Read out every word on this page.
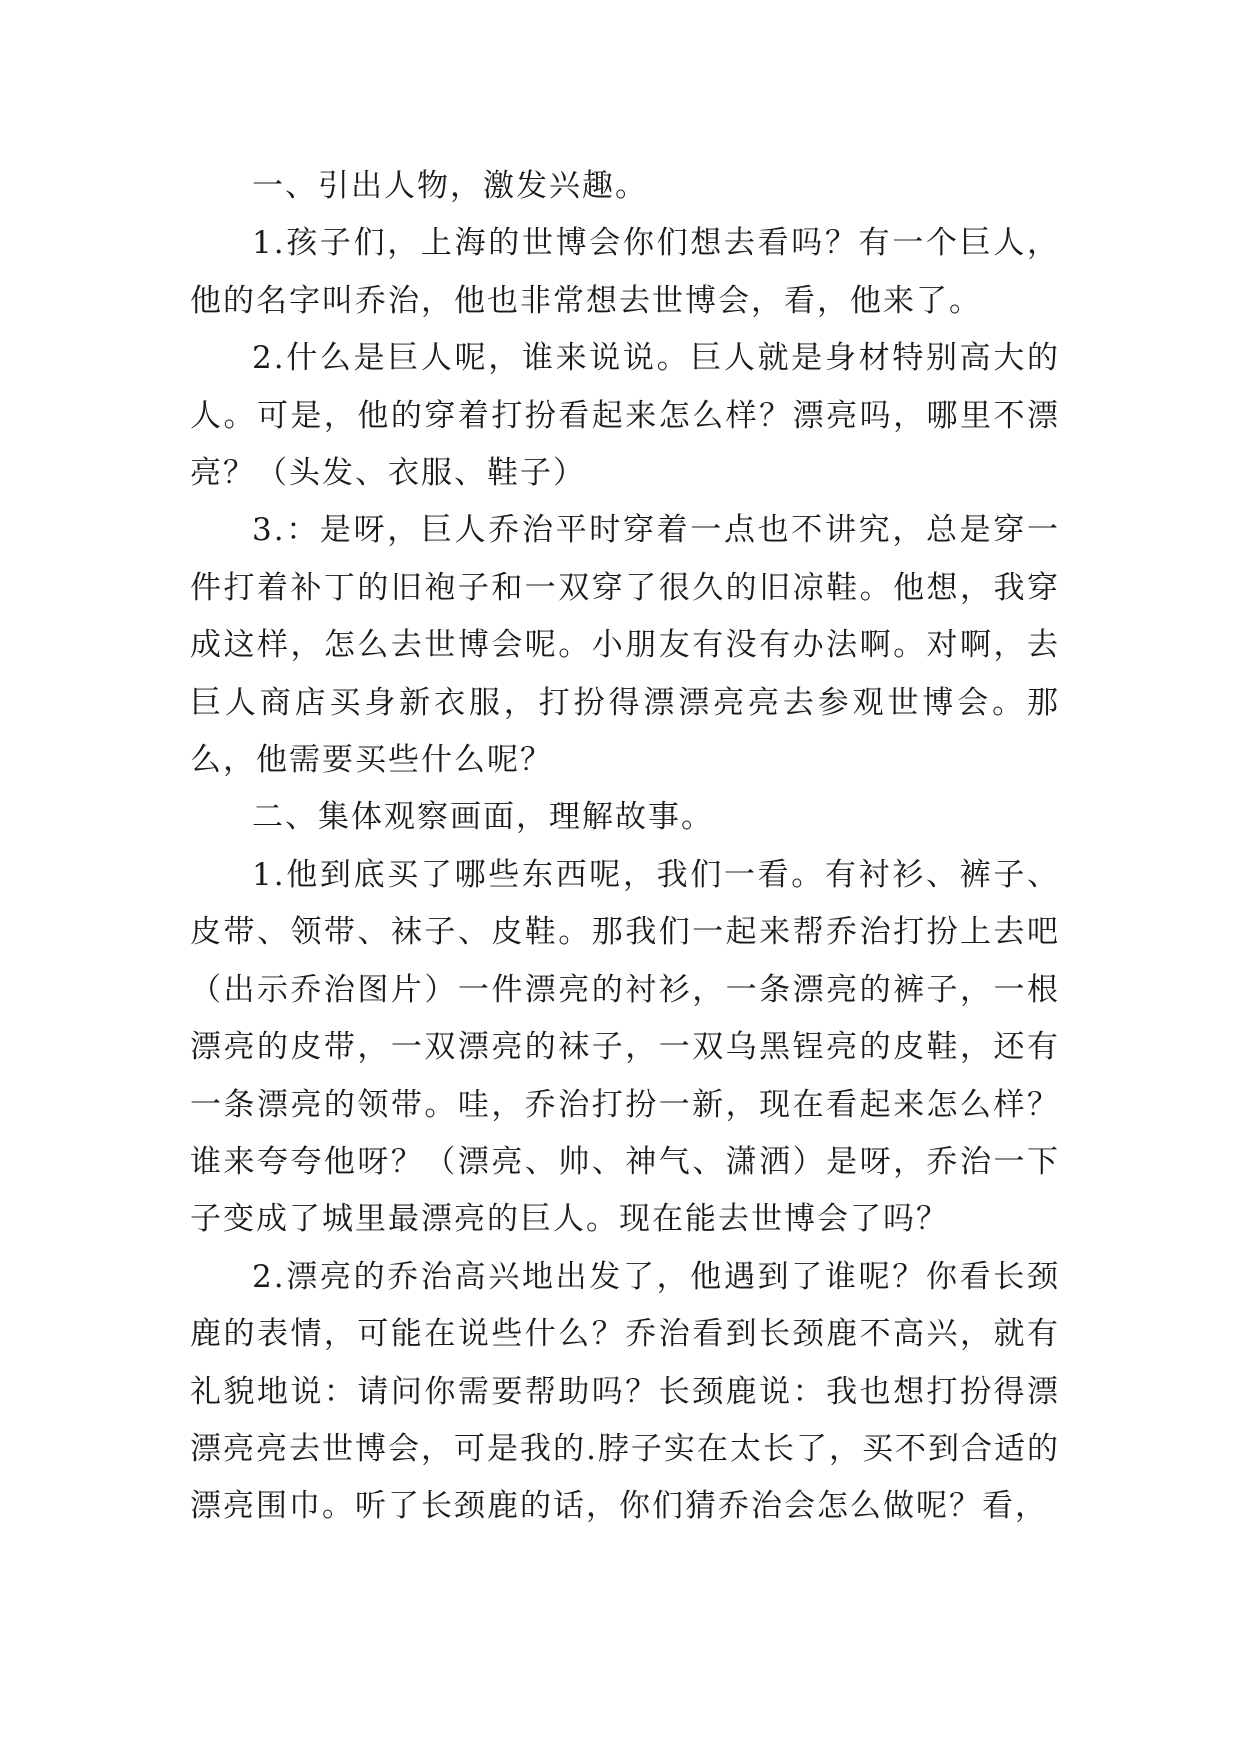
一、引出人物，激发兴趣。

1.孩子们，上海的世博会你们想去看吗？有一个巨人，他的名字叫乔治，他也非常想去世博会，看，他来了。

2.什么是巨人呢，谁来说说。巨人就是身材特别高大的人。可是，他的穿着打扮看起来怎么样？漂亮吗，哪里不漂亮？（头发、衣服、鞋子）

3.：是呀，巨人乔治平时穿着一点也不讲究，总是穿一件打着补丁的旧袍子和一双穿了很久的旧凉鞋。他想，我穿成这样，怎么去世博会呢。小朋友有没有办法啊。对啊，去巨人商店买身新衣服，打扮得漂漂亮亮去参观世博会。那么，他需要买些什么呢？

二、集体观察画面，理解故事。

1.他到底买了哪些东西呢，我们一看。有衬衫、裤子、皮带、领带、袜子、皮鞋。那我们一起来帮乔治打扮上去吧（出示乔治图片）一件漂亮的衬衫，一条漂亮的裤子，一根漂亮的皮带，一双漂亮的袜子，一双乌黑锃亮的皮鞋，还有一条漂亮的领带。哇，乔治打扮一新，现在看起来怎么样？谁来夸夸他呀？（漂亮、帅、神气、潇洒）是呀，乔治一下子变成了城里最漂亮的巨人。现在能去世博会了吗？

2.漂亮的乔治高兴地出发了，他遇到了谁呢？你看长颈鹿的表情，可能在说些什么？乔治看到长颈鹿不高兴，就有礼貌地说：请问你需要帮助吗？长颈鹿说：我也想打扮得漂漂亮亮去世博会，可是我的.脖子实在太长了，买不到合适的漂亮围巾。听了长颈鹿的话，你们猜乔治会怎么做呢？看，
